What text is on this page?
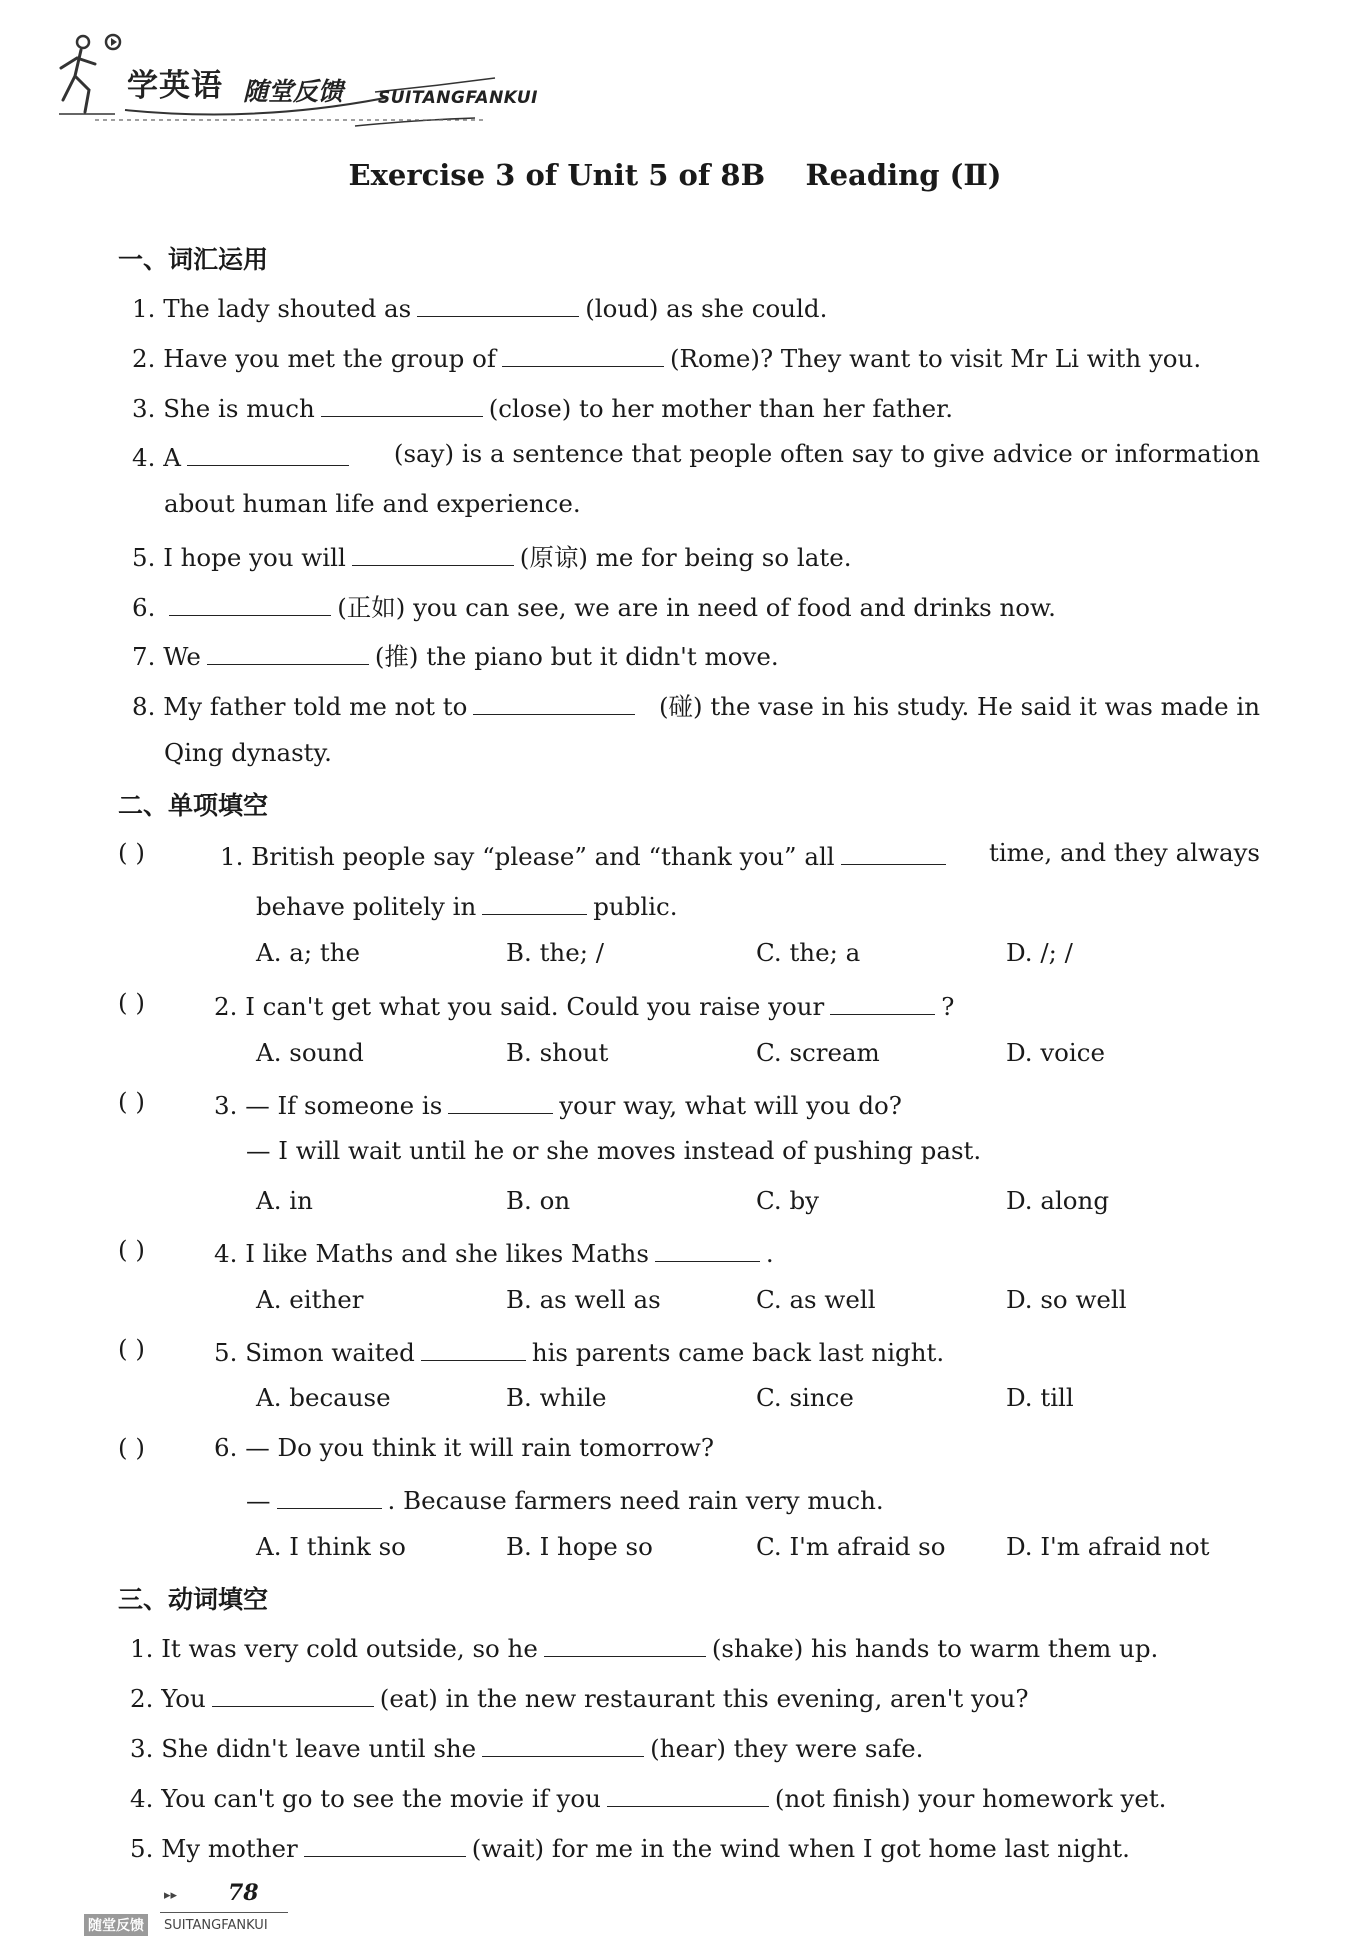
学英语 随堂反馈 SUITANGFANKUI
Exercise 3 of Unit 5 of 8B    Reading (Ⅱ)
一、词汇运用
1. The lady shouted as	(loud) as she could.
2. Have you met the group of	(Rome)? They want to visit Mr Li with you.
3. She is much	(close) to her mother than her father.
4. A	(say) is a sentence that people often say to give advice or information
about human life and experience.
5. I hope you will	(原谅) me for being so late.
6.	(正如) you can see, we are in need of food and drinks now.
7. We	(推) the piano but it didn't move.
8. My father told me not to	(碰) the vase in his study. He said it was made in
Qing dynasty.
二、单项填空
( )	1. British people say “please” and “thank you” all	time, and they always
behave politely in	public.
A. a; the	B. the; /	C. the; a	D. /; /
( )	2. I can't get what you said. Could you raise your	?
A. sound	B. shout	C. scream	D. voice
( )	3. — If someone is	your way, what will you do?
— I will wait until he or she moves instead of pushing past.
A. in	B. on	C. by	D. along
( )	4. I like Maths and she likes Maths	.
A. either	B. as well as	C. as well	D. so well
( )	5. Simon waited	his parents came back last night.
A. because	B. while	C. since	D. till
( )	6. — Do you think it will rain tomorrow?
—	. Because farmers need rain very much.
A. I think so	B. I hope so	C. I'm afraid so D. I'm afraid not
三、动词填空
1. It was very cold outside, so he	(shake) his hands to warm them up.
2. You	(eat) in the new restaurant this evening, aren't you?
3. She didn't leave until she	(hear) they were safe.
4. You can't go to see the movie if you	(not finish) your homework yet.
5. My mother	(wait) for me in the wind when I got home last night.
▸▸ 78
随堂反馈	SUITANGFANKUI
